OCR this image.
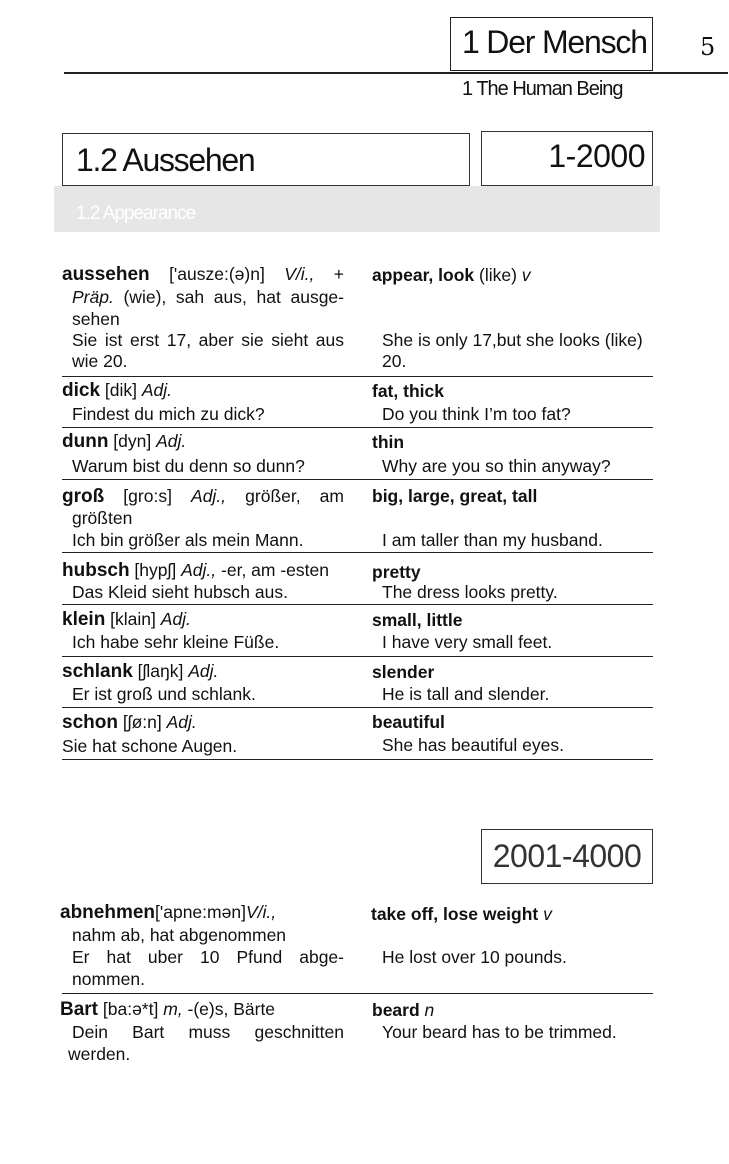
1 Der Mensch 5
1 The Human Being
1.2 Aussehen	1-2000
1.2 Appearance
aussehen ['ausze:(ə)n] V/i., +
Präp. (wie), sah aus, hat ausge-
sehen
Sie ist erst 17, aber sie sieht aus
wie 20.
appear, look (like) v
She is only 17,but she looks (like)
20.
dick [dik] Adj.
Findest du mich zu dick?
fat, thick
Do you think I’m too fat?
dunn [dyn] Adj.
Warum bist du denn so dunn?
thin
Why are you so thin anyway?
groß [gro:s] Adj., größer, am
größten
Ich bin größer als mein Mann.
big, large, great, tall
I am taller than my husband.
hubsch [hypʃ] Adj., -er, am -esten
Das Kleid sieht hubsch aus.
pretty
The dress looks pretty.
klein [klain] Adj.
Ich habe sehr kleine Füße.
small, little
I have very small feet.
schlank [ʃlaŋk] Adj.
Er ist groß und schlank.
slender
He is tall and slender.
schon [ʃø:n] Adj.
Sie hat schone Augen.
beautiful
She has beautiful eyes.
2001-4000
abnehmen['apne:mən]V/i.,
nahm ab, hat abgenommen
Er hat uber 10 Pfund abge-
nommen.
take off, lose weight v
He lost over 10 pounds.
Bart [ba:ə*t] m, -(e)s, Bärte
Dein Bart muss geschnitten
werden.
beard n
Your beard has to be trimmed.
